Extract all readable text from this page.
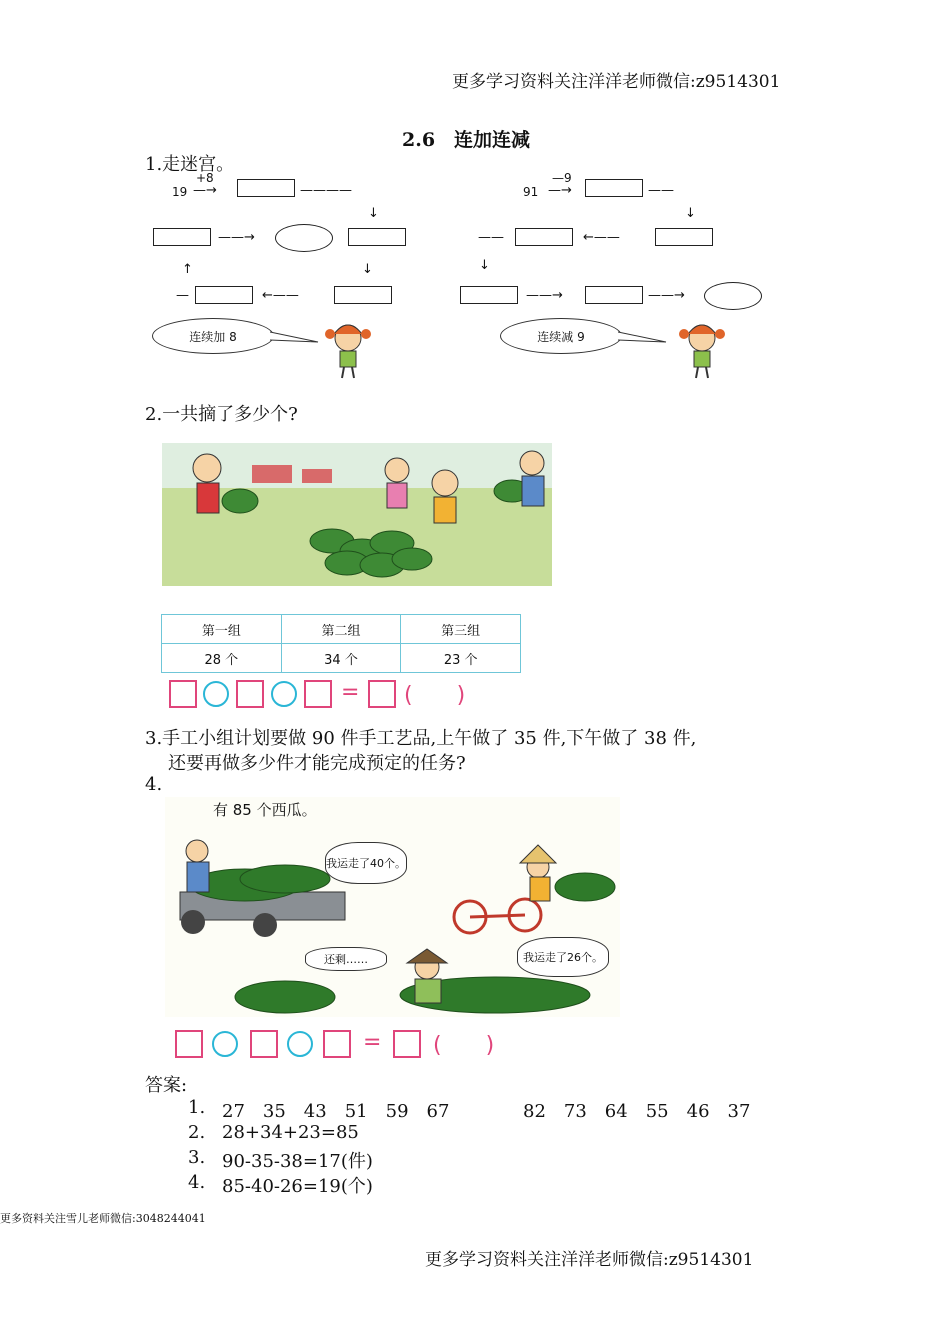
更多学习资料关注洋洋老师微信:z9514301
2.6　连加连减
1.走迷宫。
19
+8
—→	————
↓
——→
↑	↓
—	←——
连续加 8
91
—9
—→	——
↓
←——
——
↓
——→	——→
连续减 9
2.一共摘了多少个?
第一组	第二组	第三组
28 个	34 个	23 个
= (　　)
3.手工小组计划要做 90 件手工艺品,上午做了 35 件,下午做了 38 件,
还要再做多少件才能完成预定的任务?
4.
有 85 个西瓜。
我运走了40个。
我运走了26个。
还剩……
= (　　)
答案:
1. 27　35　43　51　59　67	82　73　64　55　46　37
2. 28+34+23=85
3. 90-35-38=17(件)
4. 85-40-26=19(个)
更多资料关注雪儿老师微信:3048244041
更多学习资料关注洋洋老师微信:z9514301
